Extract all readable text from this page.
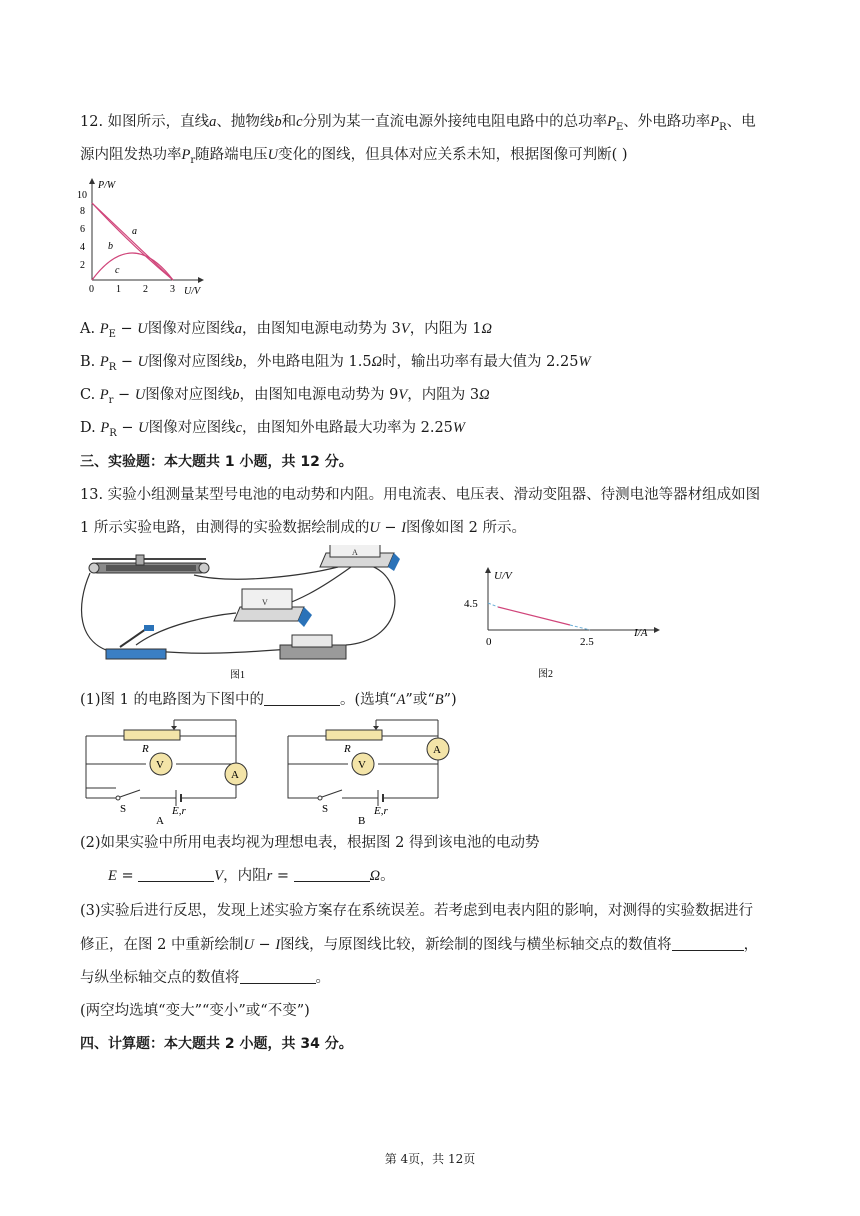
12. 如图所示，直线a、抛物线b和c分别为某一直流电源外接纯电阻电路中的总功率$P_E$、外电路功率$P_R$、电
源内阻发热功率$P_r$随路端电压U变化的图线，但具体对应关系未知，根据图像可判断( )
P/W
U/V
10
8
6
4
2
0 1 2 3
a
b
c
A. $P_E - U$图像对应图线a，由图知电源电动势为 3V，内阻为 1Ω
B. $P_R - U$图像对应图线b，外电路电阻为 1.5Ω时，输出功率有最大值为 2.25W
C. $P_r - U$图像对应图线b，由图知电源电动势为 9V，内阻为 3Ω
D. $P_R - U$图像对应图线c，由图知外电路最大功率为 2.25W
三、实验题：本大题共 1 小题，共 12 分。
13. 实验小组测量某型号电池的电动势和内阻。用电流表、电压表、滑动变阻器、待测电池等器材组成如图
1 所示实验电路，由测得的实验数据绘制成的U − I图像如图 2 所示。
A
V
图1
U/V
I/A
4.5
0	2.5
图2
(1)图 1 的电路图为下图中的	。(选填“A”或“B”)
R
V
A
S	E,r
A
R
V
A
S	E,r
B
(2)如果实验中所用电表均视为理想电表，根据图 2 得到该电池的电动势
E =	V，内阻r =	Ω。
(3)实验后进行反思，发现上述实验方案存在系统误差。若考虑到电表内阻的影响，对测得的实验数据进行
修正，在图 2 中重新绘制U − I图线，与原图线比较，新绘制的图线与横坐标轴交点的数值将	，
与纵坐标轴交点的数值将	。
(两空均选填“变大”“变小”或“不变”)
四、计算题：本大题共 2 小题，共 34 分。
第 4页，共 12页
